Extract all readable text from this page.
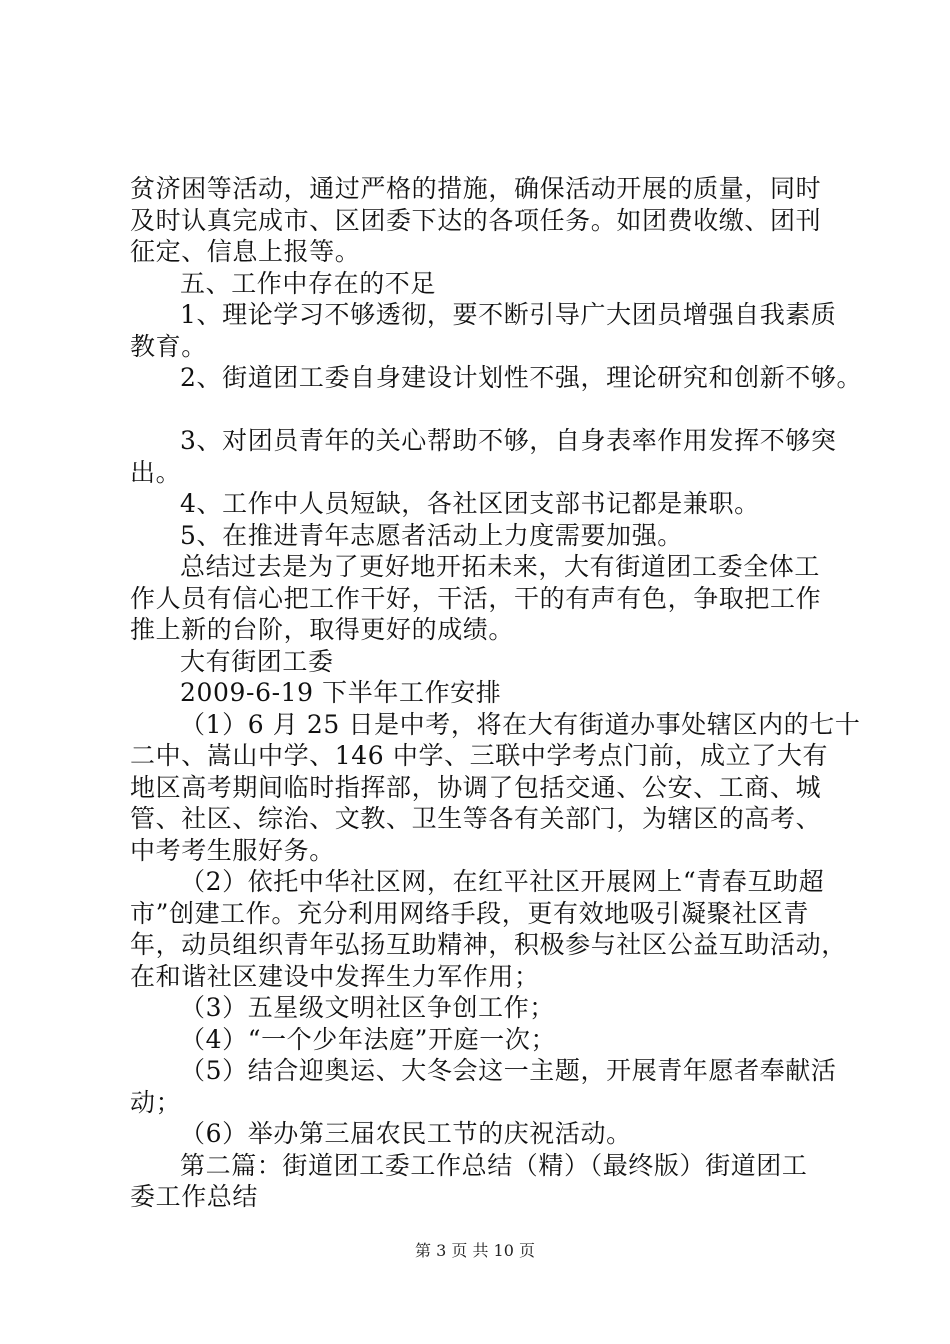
贫济困等活动，通过严格的措施，确保活动开展的质量，同时
及时认真完成市、区团委下达的各项任务。如团费收缴、团刊
征定、信息上报等。
五、工作中存在的不足
1、理论学习不够透彻，要不断引导广大团员增强自我素质
教育。
2、街道团工委自身建设计划性不强，理论研究和创新不够。
3、对团员青年的关心帮助不够，自身表率作用发挥不够突
出。
4、工作中人员短缺，各社区团支部书记都是兼职。
5、在推进青年志愿者活动上力度需要加强。
总结过去是为了更好地开拓未来，大有街道团工委全体工
作人员有信心把工作干好，干活，干的有声有色，争取把工作
推上新的台阶，取得更好的成绩。
大有街团工委
2009-6-19 下半年工作安排
（1）6 月 25 日是中考，将在大有街道办事处辖区内的七十
二中、嵩山中学、146 中学、三联中学考点门前，成立了大有
地区高考期间临时指挥部，协调了包括交通、公安、工商、城
管、社区、综治、文教、卫生等各有关部门，为辖区的高考、
中考考生服好务。
（2）依托中华社区网，在红平社区开展网上“青春互助超
市”创建工作。充分利用网络手段，更有效地吸引凝聚社区青
年，动员组织青年弘扬互助精神，积极参与社区公益互助活动，
在和谐社区建设中发挥生力军作用；
（3）五星级文明社区争创工作；
（4）“一个少年法庭”开庭一次；
（5）结合迎奥运、大冬会这一主题，开展青年愿者奉献活
动；
（6）举办第三届农民工节的庆祝活动。
第二篇：街道团工委工作总结（精）（最终版）街道团工
委工作总结
第 3 页 共 10 页
